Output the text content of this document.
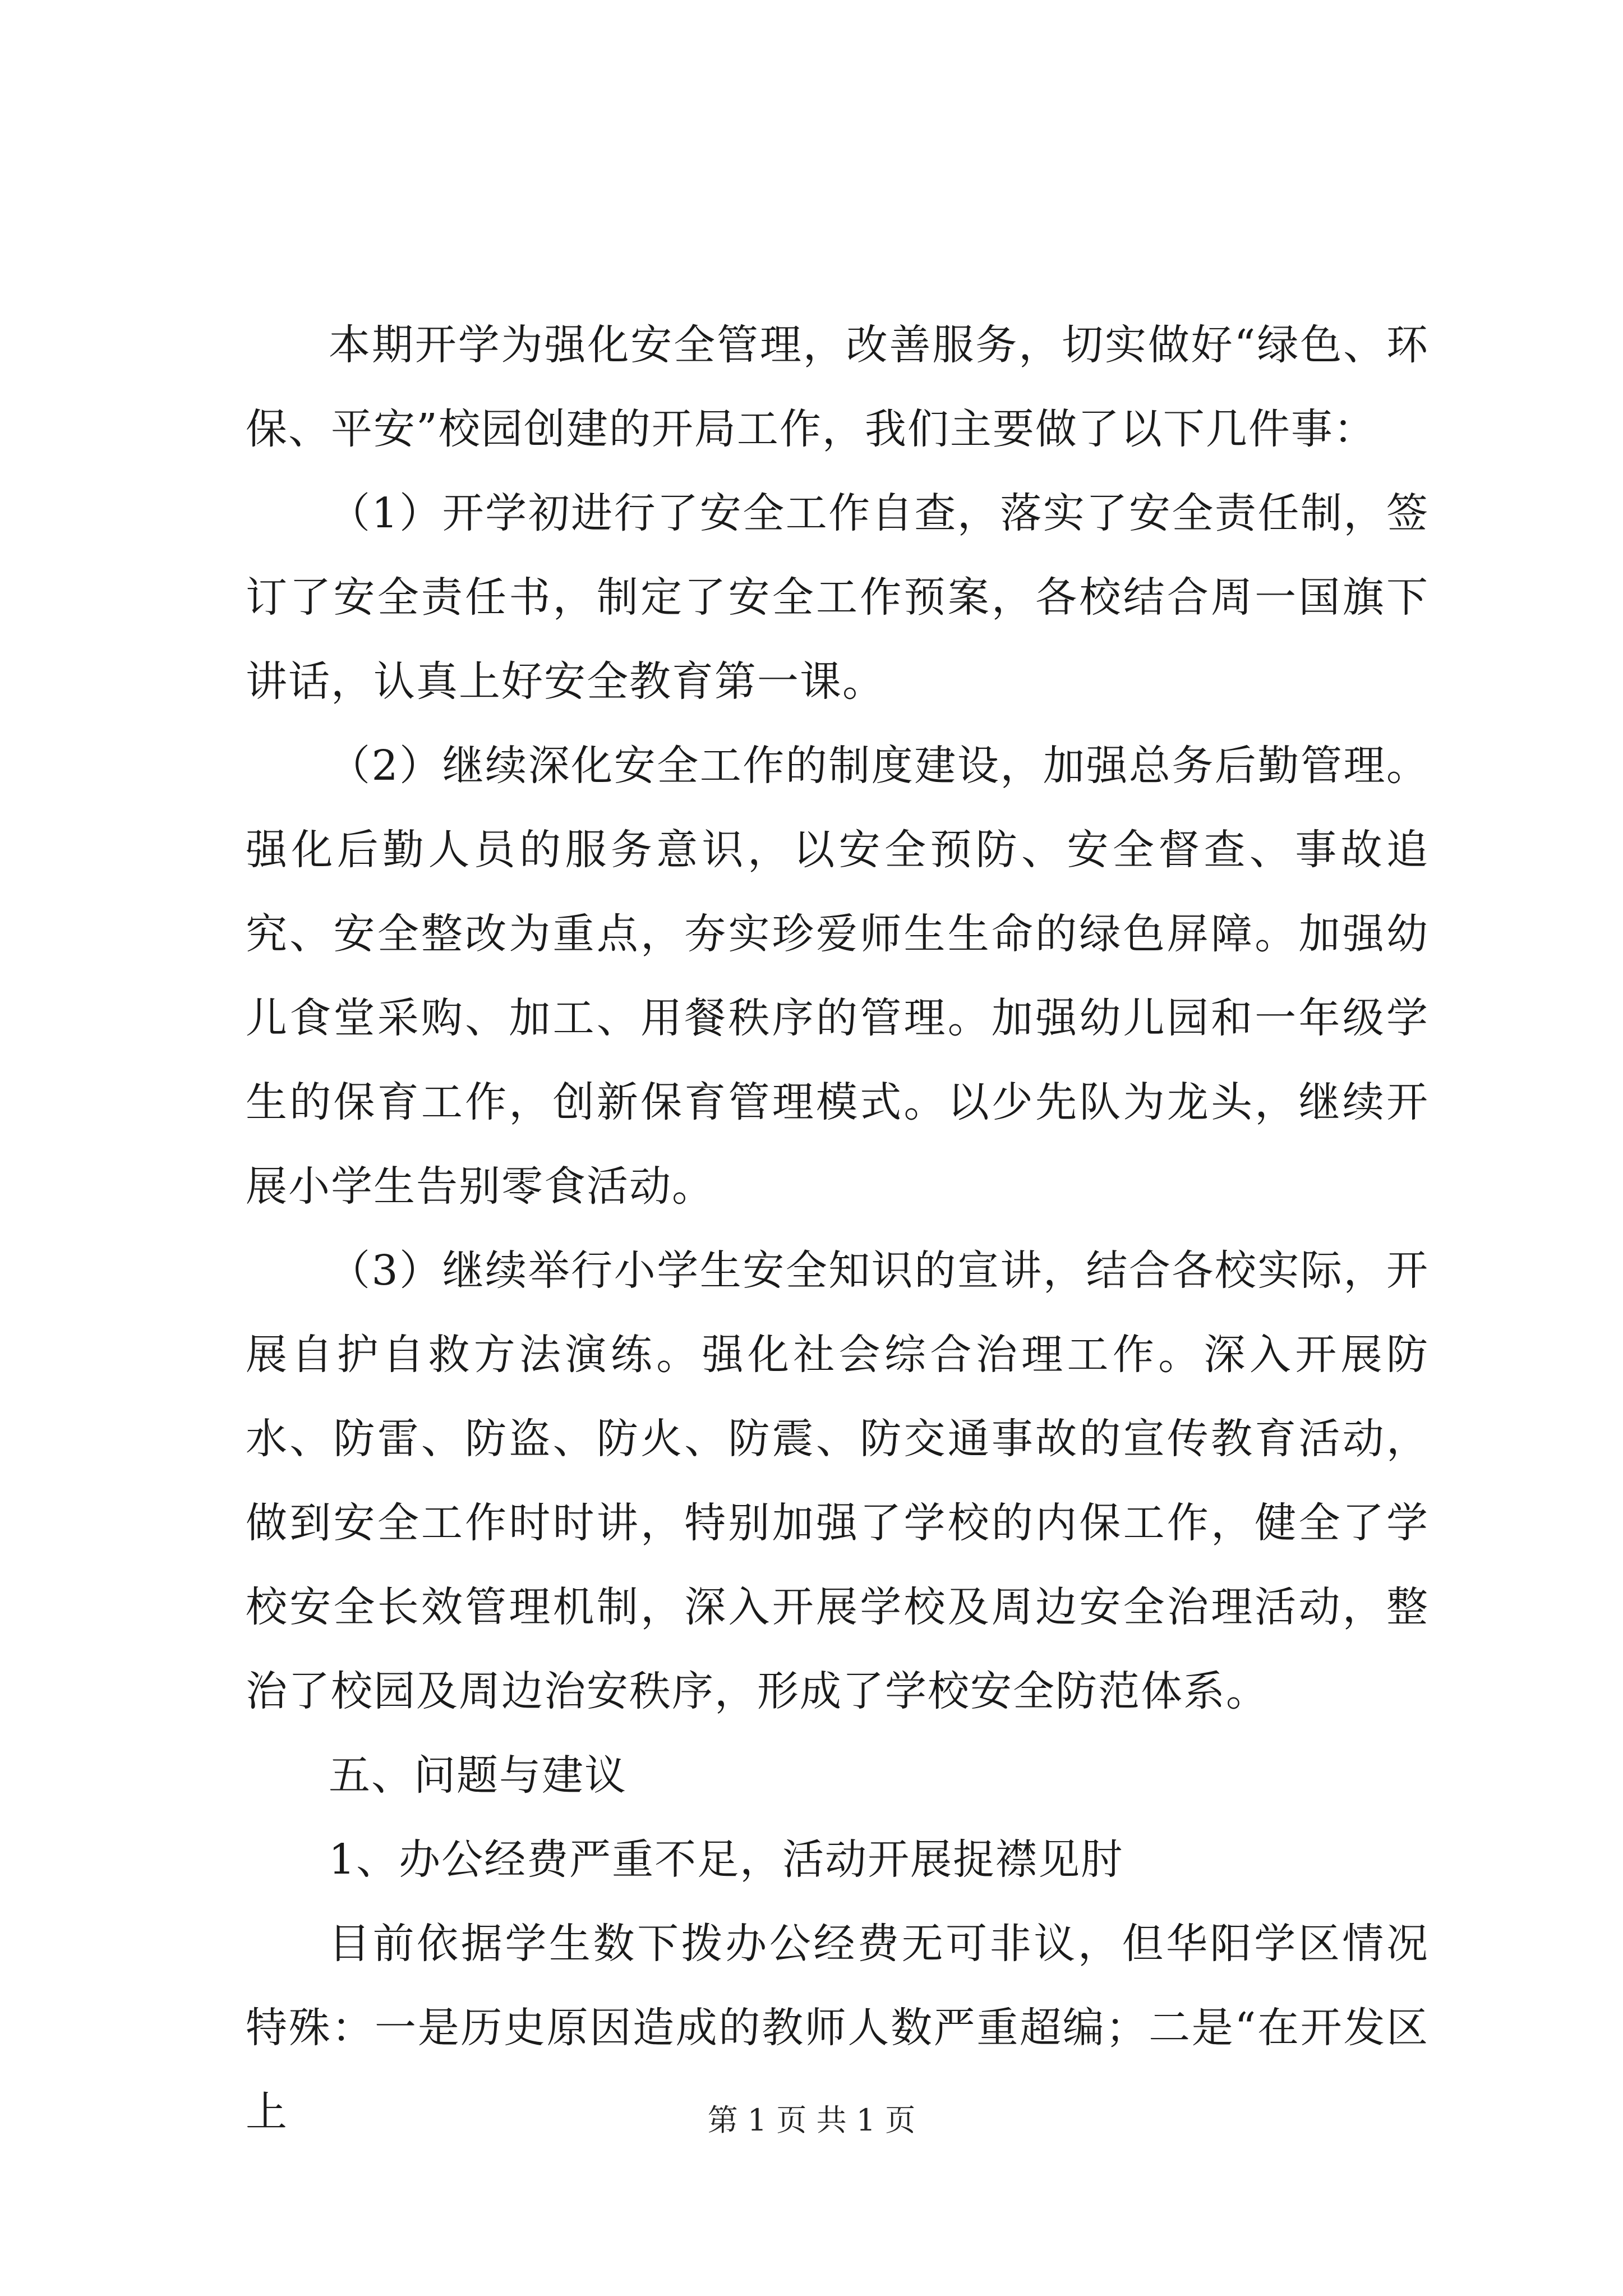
本期开学为强化安全管理，改善服务，切实做好“绿色、环保、平安”校园创建的开局工作，我们主要做了以下几件事：

（1）开学初进行了安全工作自查，落实了安全责任制，签订了安全责任书，制定了安全工作预案，各校结合周一国旗下讲话，认真上好安全教育第一课。

（2）继续深化安全工作的制度建设，加强总务后勤管理。强化后勤人员的服务意识，以安全预防、安全督查、事故追究、安全整改为重点，夯实珍爱师生生命的绿色屏障。加强幼儿食堂采购、加工、用餐秩序的管理。加强幼儿园和一年级学生的保育工作，创新保育管理模式。以少先队为龙头，继续开展小学生告别零食活动。

（3）继续举行小学生安全知识的宣讲，结合各校实际，开展自护自救方法演练。强化社会综合治理工作。深入开展防水、防雷、防盗、防火、防震、防交通事故的宣传教育活动，做到安全工作时时讲，特别加强了学校的内保工作，健全了学校安全长效管理机制，深入开展学校及周边安全治理活动，整治了校园及周边治安秩序，形成了学校安全防范体系。

五、问题与建议

1、办公经费严重不足，活动开展捉襟见肘

目前依据学生数下拨办公经费无可非议，但华阳学区情况特殊：一是历史原因造成的教师人数严重超编；二是“在开发区上	第 1 页 共 1 页
